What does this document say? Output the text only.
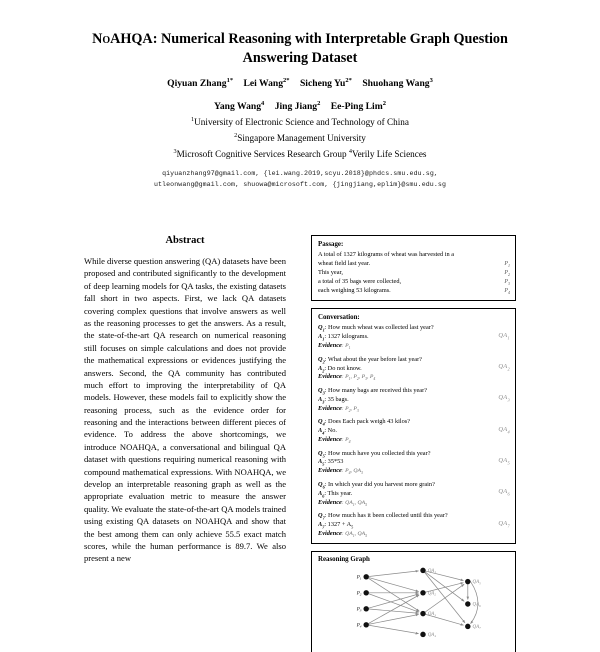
NoAHQA: Numerical Reasoning with Interpretable Graph Question Answering Dataset
Qiyuan Zhang$^{1*}$ Lei Wang$^{2*}$ Sicheng $Yu^{2*}$ Shuohang Wang$^3$
Yang Wang$^4$ Jing Jiang$^2$ Ee-Ping Lim$^2$
$^1$University of Electronic Science and Technology of China
$^2$Singapore Management University
$^3$Microsoft Cognitive Services Research Group $^4$Verily Life Sciences
qiyuanzhang97@gmail.com, {lei.wang.2019,scyu.2018}@phdcs.smu.edu.sg,
utleonwang@gmail.com, shuowa@microsoft.com, {jingjiang,eplim}@smu.edu.sg
Abstract
While diverse question answering (QA) datasets have been proposed and contributed significantly to the development of deep learning models for QA tasks, the existing datasets fall short in two aspects. First, we lack QA datasets covering complex questions that involve answers as well as the reasoning processes to get the answers. As a result, the state-of-the-art QA research on numerical reasoning still focuses on simple calculations and does not provide the mathematical expressions or evidences justifying the answers. Second, the QA community has contributed much effort to improving the interpretability of QA models. However, these models fail to explicitly show the reasoning process, such as the evidence order for reasoning and the interactions between different pieces of evidence. To address the above shortcomings, we introduce NOAHQA, a conversational and bilingual QA dataset with questions requiring numerical reasoning with compound mathematical expressions. With NOAHQA, we develop an interpretable reasoning graph as well as the appropriate evaluation metric to measure the answer quality. We evaluate the state-of-the-art QA models trained using existing QA datasets on NOAHQA and show that the best among them can only achieve 55.5 exact match scores, while the human performance is 89.7. We also present a new
Passage:
A total of 1327 kilograms of wheat was harvested in a
wheat field last year.	$P_1$
This year,	$P_2$
a total of 35 bags were collected,	$P_3$
each weighing 53 kilograms.	$P_4$
Conversation:
$Q_1$: How much wheat was collected last year?
$A_1$: 1327 kilograms.
Evidence: $P_1$
$QA_1$
$Q_2$: What about the year before last year?
$A_2$: Do not know.
Evidence: $P_1$, $P_2$, $P_3$, $P_4$
$QA_2$
$Q_3$: How many bags are received this year?
$A_3$: 35 bags.
Evidence: $P_2$, $P_3$
$QA_3$
$Q_4$: Does Each pack weigh 43 kilos?
$A_4$: No.
Evidence: $P_4$
$QA_4$
$Q_5$: How much have you collected this year?
$A_5$: 35*53
Evidence: $P_4$, $QA_3$
$QA_5$
$Q_6$: In which year did you harvest more grain?
$A_6$: This year.
Evidence: $QA_1$, $QA_5$
$QA_6$
$Q_7$: How much has it been collected until this year?
$A_7$: $1327 + A_5$
Evidence: $QA_1$, $QA_5$
$QA_7$
Reasoning Graph
$P_1$
$P_2$
$P_3$
$P_4$
$QA_1$
$QA_2$
$QA_3$
$QA_4$
$QA_5$
$QA_6$
$QA_7$
